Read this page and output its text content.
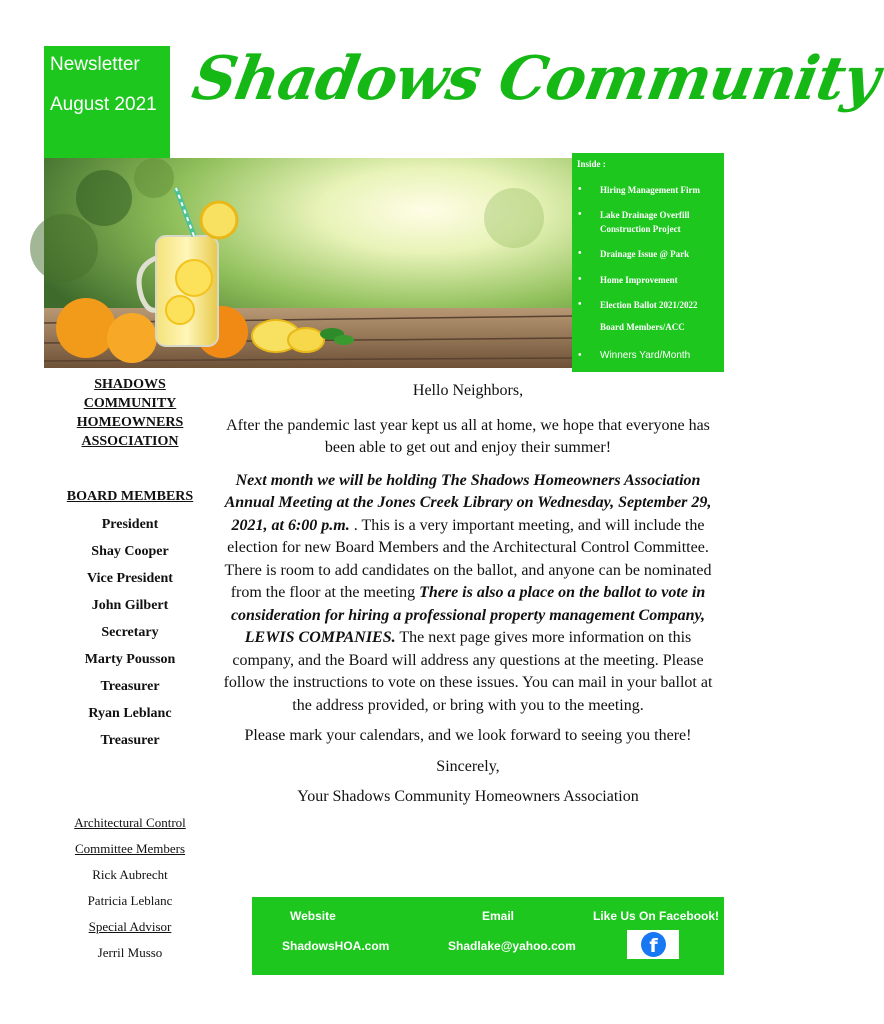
Newsletter
August 2021 Shadows Community
Inside :
• Hiring Management Firm
• Lake Drainage Overfill Construction Project
• Drainage Issue @ Park
• Home Improvement
• Election Ballot 2021/2022 Board Members/ACC
• Winners Yard/Month
SHADOWS
COMMUNITY
HOMEOWNERS
ASSOCIATION
BOARD MEMBERS

President

Shay Cooper

Vice President

John Gilbert

Secretary

Marty Pousson

Treasurer

Ryan Leblanc

Treasurer

Architectural Control
Committee Members
Rick Aubrecht
Patricia Leblanc
Special Advisor
Jerril Musso

Hello Neighbors,

After the pandemic last year kept us all at home, we hope that everyone has been able to get out and enjoy their summer!

Next month we will be holding The Shadows Homeowners Association Annual Meeting at the Jones Creek Library on Wednesday, September 29, 2021, at 6:00 p.m. . This is a very important meeting, and will include the election for new Board Members and the Architectural Control Committee. There is room to add candidates on the ballot, and anyone can be nominated from the floor at the meeting There is also a place on the ballot to vote in consideration for hiring a professional property management Company, LEWIS COMPANIES. The next page gives more information on this company, and the Board will address any questions at the meeting. Please follow the instructions to vote on these issues. You can mail in your ballot at the address provided, or bring with you to the meeting.

Please mark your calendars, and we look forward to seeing you there!

Sincerely,

Your Shadows Community Homeowners Association

Website
ShadowsHOA.com
Email
Shadlake@yahoo.com
Like Us On Facebook!
f
